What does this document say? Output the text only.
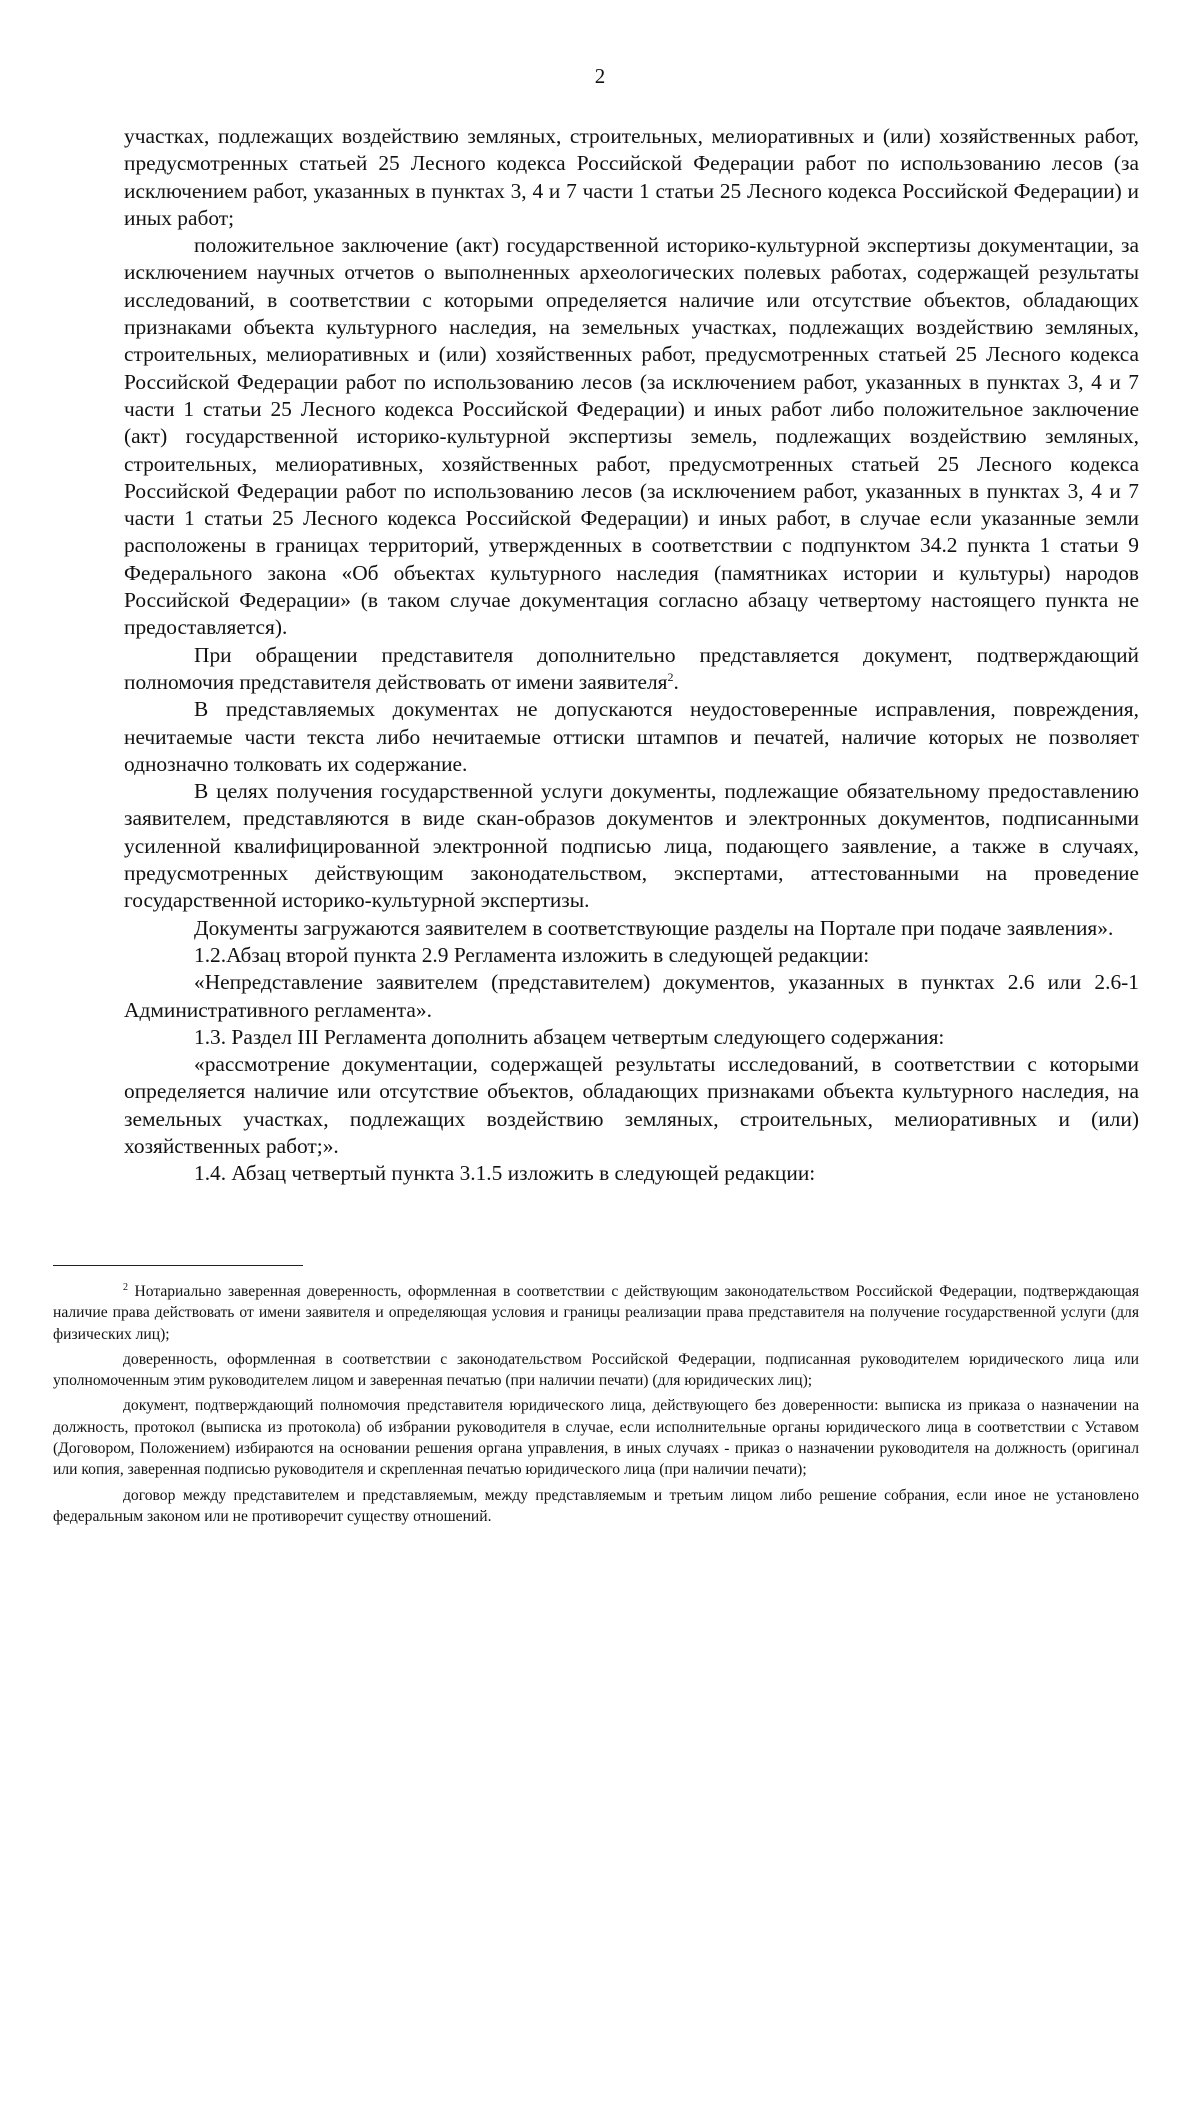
2

участках, подлежащих воздействию земляных, строительных, мелиоративных и (или) хозяйственных работ, предусмотренных статьей 25 Лесного кодекса Российской Федерации работ по использованию лесов (за исключением работ, указанных в пунктах 3, 4 и 7 части 1 статьи 25 Лесного кодекса Российской Федерации) и иных работ;

положительное заключение (акт) государственной историко-культурной экспертизы документации, за исключением научных отчетов о выполненных археологических полевых работах, содержащей результаты исследований, в соответствии с которыми определяется наличие или отсутствие объектов, обладающих признаками объекта культурного наследия, на земельных участках, подлежащих воздействию земляных, строительных, мелиоративных и (или) хозяйственных работ, предусмотренных статьей 25 Лесного кодекса Российской Федерации работ по использованию лесов (за исключением работ, указанных в пунктах 3, 4 и 7 части 1 статьи 25 Лесного кодекса Российской Федерации) и иных работ либо положительное заключение (акт) государственной историко-культурной экспертизы земель, подлежащих воздействию земляных, строительных, мелиоративных, хозяйственных работ, предусмотренных статьей 25 Лесного кодекса Российской Федерации работ по использованию лесов (за исключением работ, указанных в пунктах 3, 4 и 7 части 1 статьи 25 Лесного кодекса Российской Федерации) и иных работ, в случае если указанные земли расположены в границах территорий, утвержденных в соответствии с подпунктом 34.2 пункта 1 статьи 9 Федерального закона «Об объектах культурного наследия (памятниках истории и культуры) народов Российской Федерации» (в таком случае документация согласно абзацу четвертому настоящего пункта не предоставляется).

При обращении представителя дополнительно представляется документ, подтверждающий полномочия представителя действовать от имени заявителя$^2$.

В представляемых документах не допускаются неудостоверенные исправления, повреждения, нечитаемые части текста либо нечитаемые оттиски штампов и печатей, наличие которых не позволяет однозначно толковать их содержание.

В целях получения государственной услуги документы, подлежащие обязательному предоставлению заявителем, представляются в виде скан-образов документов и электронных документов, подписанными усиленной квалифицированной электронной подписью лица, подающего заявление, а также в случаях, предусмотренных действующим законодательством, экспертами, аттестованными на проведение государственной историко-культурной экспертизы.

Документы загружаются заявителем в соответствующие разделы на Портале при подаче заявления».

1.2.Абзац второй пункта 2.9 Регламента изложить в следующей редакции:

«Непредставление заявителем (представителем) документов, указанных в пунктах 2.6 или 2.6-1 Административного регламента».

1.3. Раздел III Регламента дополнить абзацем четвертым следующего содержания:

«рассмотрение документации, содержащей результаты исследований, в соответствии с которыми определяется наличие или отсутствие объектов, обладающих признаками объекта культурного наследия, на земельных участках, подлежащих воздействию земляных, строительных, мелиоративных и (или) хозяйственных работ;».

1.4. Абзац четвертый пункта 3.1.5 изложить в следующей редакции:

$^2$ Нотариально заверенная доверенность, оформленная в соответствии с действующим законодательством Российской Федерации, подтверждающая наличие права действовать от имени заявителя и определяющая условия и границы реализации права представителя на получение государственной услуги (для физических лиц);

доверенность, оформленная в соответствии с законодательством Российской Федерации, подписанная руководителем юридического лица или уполномоченным этим руководителем лицом и заверенная печатью (при наличии печати) (для юридических лиц);

документ, подтверждающий полномочия представителя юридического лица, действующего без доверенности: выписка из приказа о назначении на должность, протокол (выписка из протокола) об избрании руководителя в случае, если исполнительные органы юридического лица в соответствии с Уставом (Договором, Положением) избираются на основании решения органа управления, в иных случаях - приказ о назначении руководителя на должность (оригинал или копия, заверенная подписью руководителя и скрепленная печатью юридического лица (при наличии печати);

договор между представителем и представляемым, между представляемым и третьим лицом либо решение собрания, если иное не установлено федеральным законом или не противоречит существу отношений.
